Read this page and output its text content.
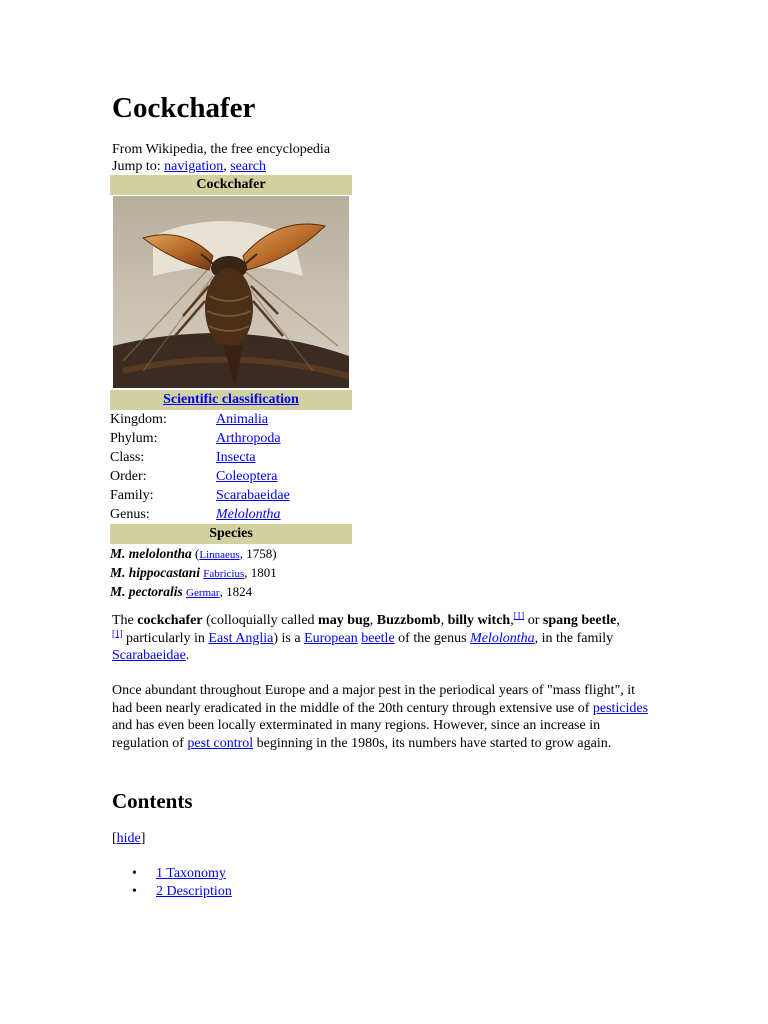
Cockchafer
From Wikipedia, the free encyclopedia
Jump to: navigation, search
Cockchafer
Scientific classification
Kingdom:	Animalia
Phylum:	Arthropoda
Class:	Insecta
Order:	Coleoptera
Family:	Scarabaeidae
Genus:	Melolontha
Species
M. melolontha (Linnaeus, 1758)
M. hippocastani Fabricius, 1801
M. pectoralis Germar, 1824
The cockchafer (colloquially called may bug, Buzzbomb, billy witch,[1] or spang beetle,
[1] particularly in East Anglia) is a European beetle of the genus Melolontha, in the family
Scarabaeidae.
Once abundant throughout Europe and a major pest in the periodical years of "mass flight", it had been nearly eradicated in the middle of the 20th century through extensive use of pesticides and has even been locally exterminated in many regions. However, since an increase in regulation of pest control beginning in the 1980s, its numbers have started to grow again.
Contents
[hide]
• 1 Taxonomy
• 2 Description
